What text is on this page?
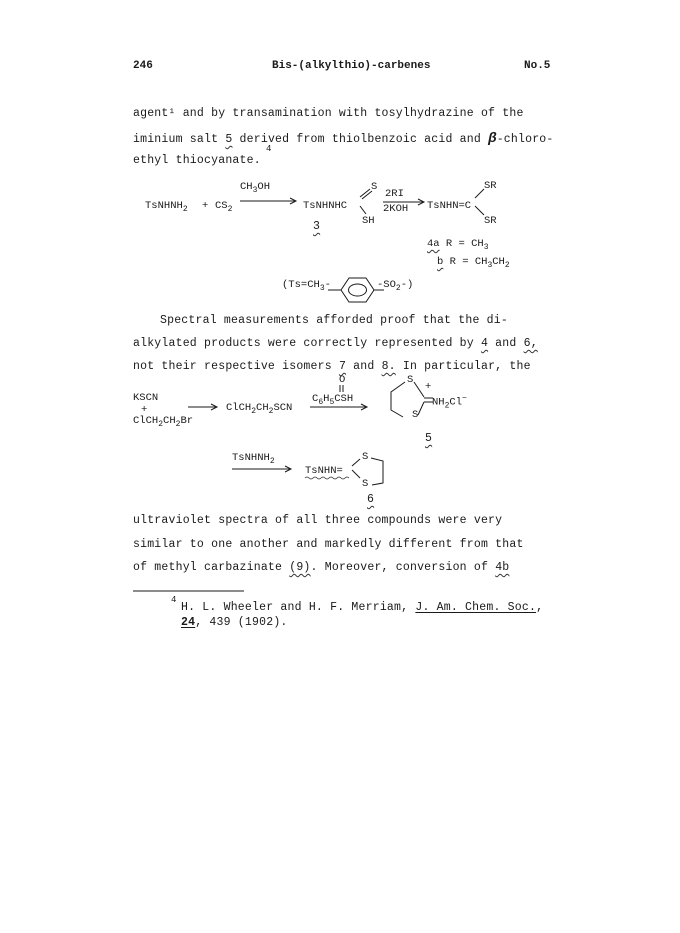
246	Bis-(alkylthio)-carbenes	No.5
agent¹ and by transamination with tosylhydrazine of the
iminium salt 5 derived from thiolbenzoic acid and β-chloro-
4
ethyl thiocyanate.
TsNHNH$_2$ + $CS_2$
$CH_3OH$
TsNHNHC
S
SH
3
2RI
2KOH TsNHN=C
SR
SR
4a $R = CH_3$
b $R = CH_3CH_2$
($Ts=CH_3-$	$-SO_2-$)
Spectral measurements afforded proof that the di-
alkylated products were correctly represented by 4 and 6,
not their respective isomers 7 and 8. In particular, the
KSCN
+
$ClCH_2CH_2Br$
$ClCH_2CH_2SCN$
O
$C_6H_5CSH$
S
+
S
$NH_2Cl^-$
5
TsNHNH$_2$
TsNHN=
S
S
6
ultraviolet spectra of all three compounds were very
similar to one another and markedly different from that
of methyl carbazinate (9). Moreover, conversion of 4b
4
H. L. Wheeler and H. F. Merriam, J. Am. Chem. Soc.,
24, 439 (1902).
